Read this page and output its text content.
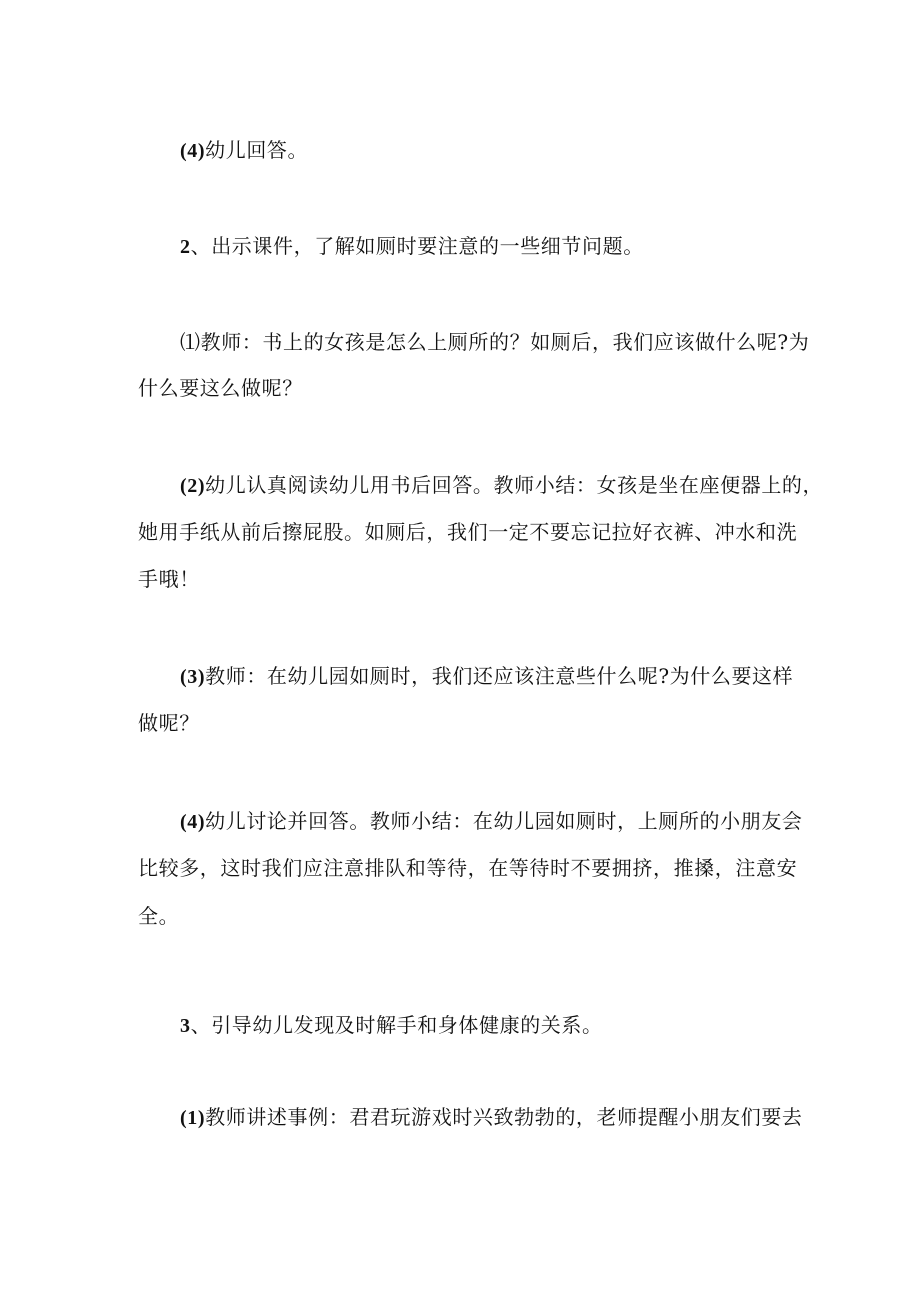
(4)幼儿回答。
2、出示课件，了解如厕时要注意的一些细节问题。
⑴教师：书上的女孩是怎么上厕所的？如厕后，我们应该做什么呢?为
什么要这么做呢？
(2)幼儿认真阅读幼儿用书后回答。教师小结：女孩是坐在座便器上的，
她用手纸从前后擦屁股。如厕后，我们一定不要忘记拉好衣裤、冲水和洗
手哦！
(3)教师：在幼儿园如厕时，我们还应该注意些什么呢?为什么要这样
做呢？
(4)幼儿讨论并回答。教师小结：在幼儿园如厕时，上厕所的小朋友会
比较多，这时我们应注意排队和等待，在等待时不要拥挤，推搡，注意安
全。
3、引导幼儿发现及时解手和身体健康的关系。
(1)教师讲述事例：君君玩游戏时兴致勃勃的，老师提醒小朋友们要去
